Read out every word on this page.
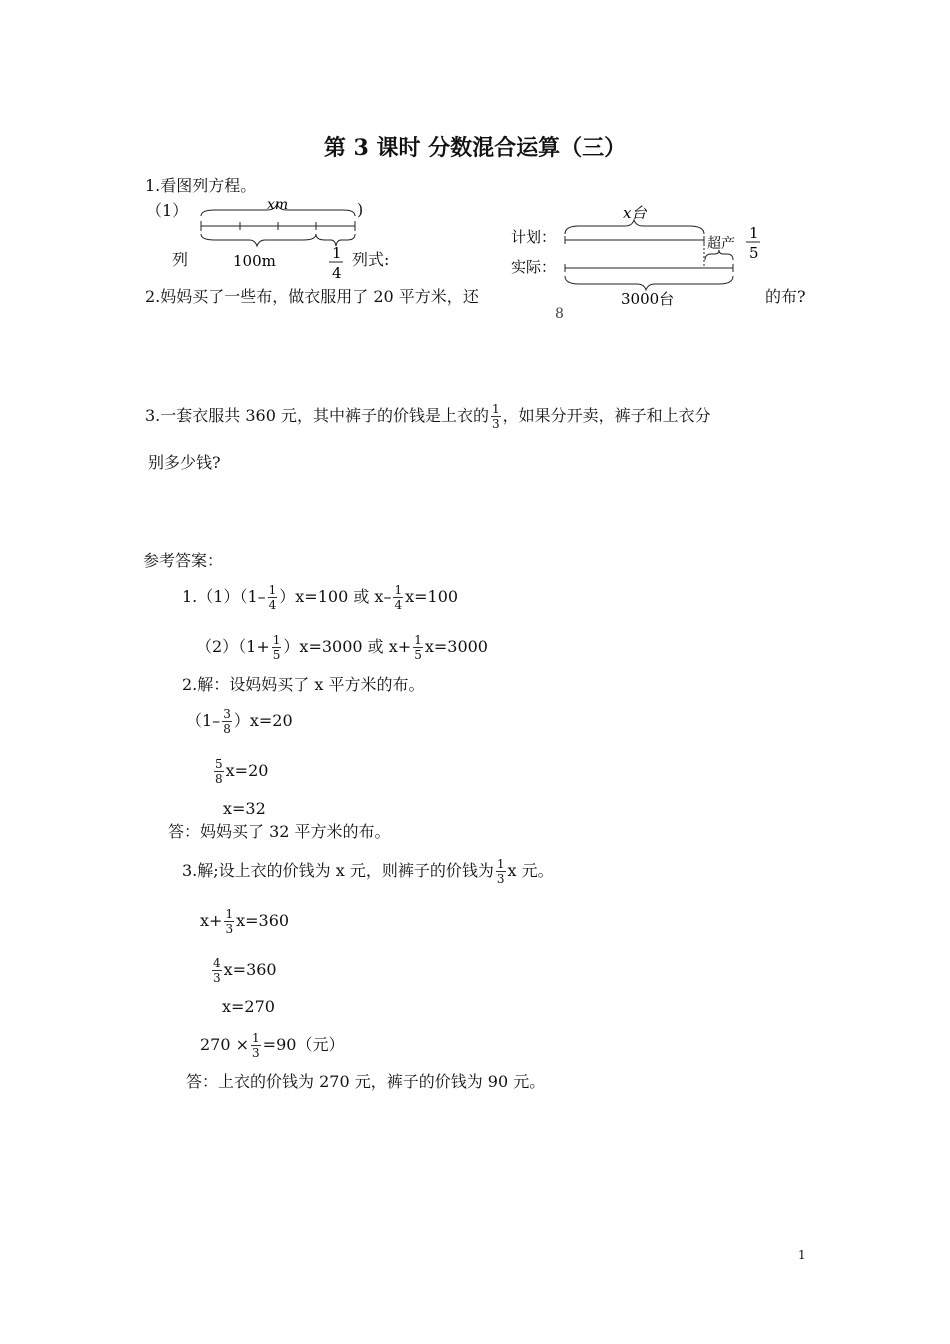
第 3 课时 分数混合运算（三）
1.看图列方程。
（1）	)
xm
100m	1
4
列	列式:
x台
计划：
实际：
超产
1
5
3000台
8
2.妈妈买了一些布，做衣服用了 20 平方米，还	的布?
3.一套衣服共 360 元，其中裤子的价钱是上衣的 $\frac{1}{3}$ ，如果分开卖，裤子和上衣分
别多少钱?
参考答案：
$1.(1)(1- \frac{1}{4} )x=100$ 或 $x- \frac{1}{4} x=100$
$(2)(1+ \frac{1}{5} )x=3000$ 或 $x+ \frac{1}{5} x=3000$
2.解：设妈妈买了 x 平方米的布。
$(1- \frac{3}{8} )x=20$
$\frac{5}{8} x=20$
x=32
答：妈妈买了 32 平方米的布。
3.解;设上衣的价钱为 x 元，则裤子的价钱为 $\frac{1}{3}$ x 元。
$x+ \frac{1}{3} x=360$
$\frac{4}{3} x=360$
x=270
$270 \times \frac{1}{3} =90$（元）
答：上衣的价钱为 270 元，裤子的价钱为 90 元。
1
